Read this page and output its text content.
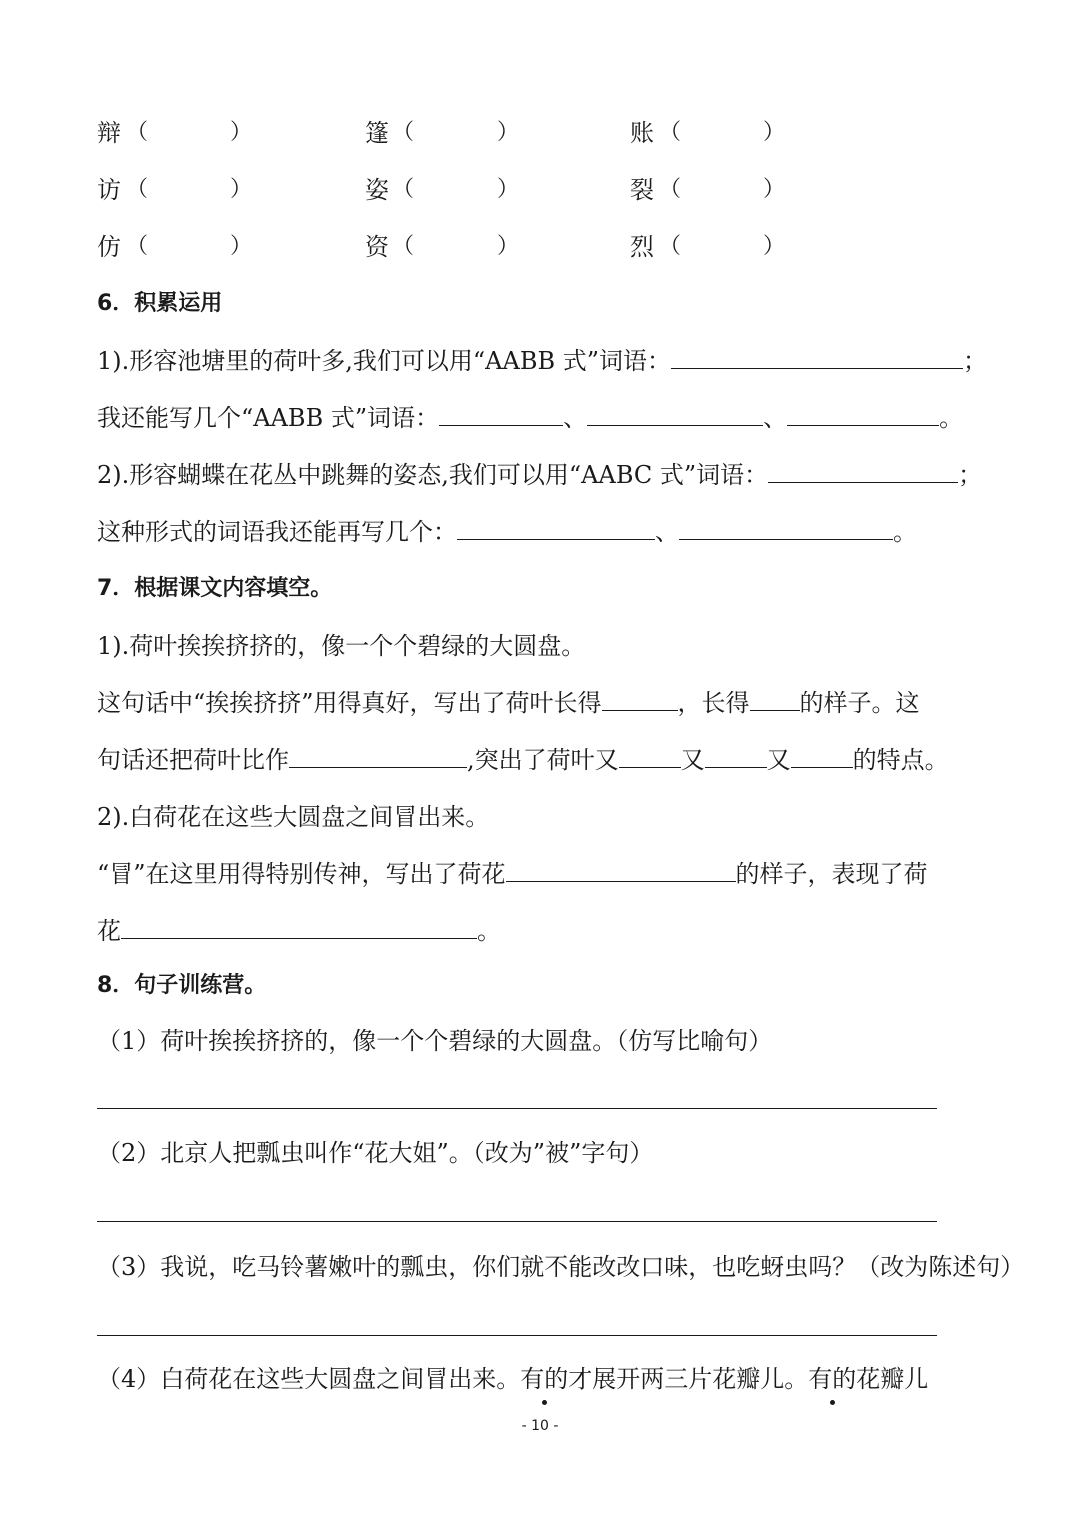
辩 （	）	篷 （	）	账 （	）
访 （	）	姿 （	）	裂 （	）
仿 （	）	资 （	）	烈 （	）
6．积累运用
1).形容池塘里的荷叶多,我们可以用“AABB 式”词语：	；
我还能写几个“AABB 式”词语：	、	、	。
2).形容蝴蝶在花丛中跳舞的姿态,我们可以用“AABC 式”词语：	；
这种形式的词语我还能再写几个：	、	。
7．根据课文内容填空。
1).荷叶挨挨挤挤的，像一个个碧绿的大圆盘。
这句话中“挨挨挤挤”用得真好，写出了荷叶长得	，长得 的样子。这
句话还把荷叶比作	,突出了荷叶又	又	又	的特点。
2).白荷花在这些大圆盘之间冒出来。
“冒”在这里用得特别传神，写出了荷花	的样子，表现了荷
花	。
8．句子训练营。
（1）荷叶挨挨挤挤的，像一个个碧绿的大圆盘。（仿写比喻句）
（2）北京人把瓢虫叫作“花大姐”。（改为”被”字句）
（3）我说，吃马铃薯嫩叶的瓢虫，你们就不能改改口味，也吃蚜虫吗？（改为陈述句）
（4）白荷花在这些大圆盘之间冒出来。有的才展开两三片花瓣儿。有的花瓣儿
- 10 -
